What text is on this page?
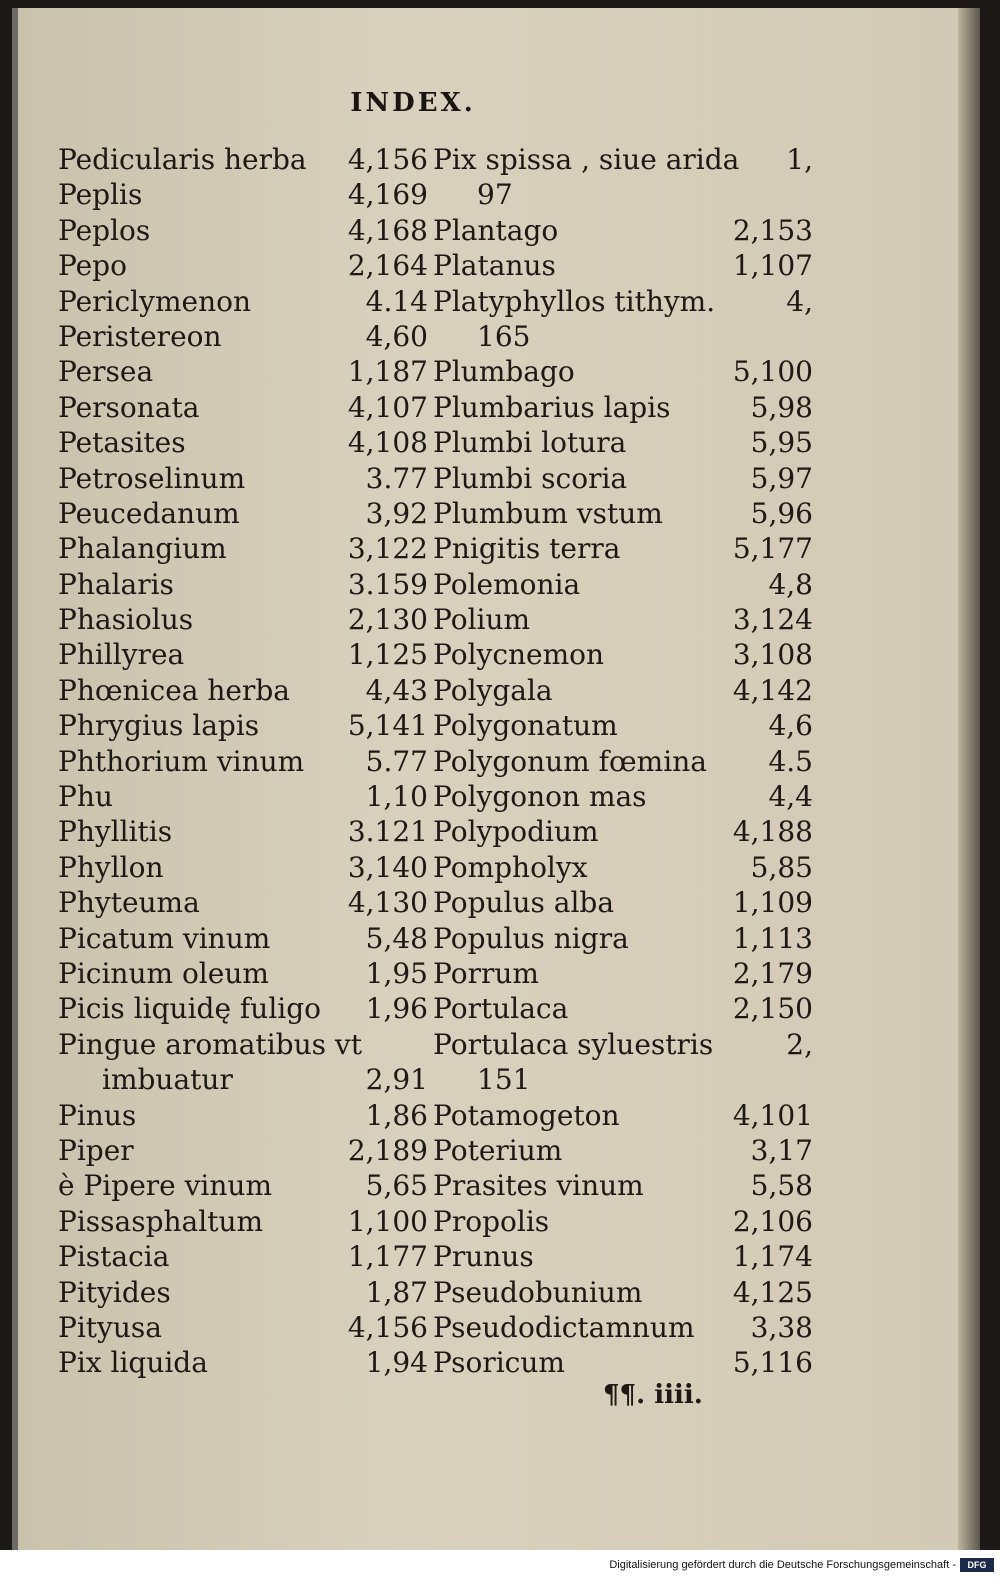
INDEX.
Pedicularis herba 4,156
Peplis	4,169
Peplos	4,168
Pepo	2,164
Periclymenon	4.14
Peristereon	4,60
Persea	1,187
Personata	4,107
Petasites	4,108
Petroselinum	3.77
Peucedanum	3,92
Phalangium	3,122
Phalaris	3.159
Phasiolus	2,130
Phillyrea	1,125
Phœnicea herba	4,43
Phrygius lapis	5,141
Phthorium vinum 5.77
Phu	1,10
Phyllitis	3.121
Phyllon	3,140
Phyteuma	4,130
Picatum vinum	5,48
Picinum oleum	1,95
Picis liquidę fuligo 1,96
Pingue aromatibus vt
imbuatur	2,91
Pinus	1,86
Piper	2,189
è Pipere vinum	5,65
Pissasphaltum	1,100
Pistacia	1,177
Pityides	1,87
Pityusa	4,156
Pix liquida	1,94
Pix spissa , siue arida 1,
97
Plantago	2,153
Platanus	1,107
Platyphyllos tithym.	4,
165
Plumbago	5,100
Plumbarius lapis	5,98
Plumbi lotura	5,95
Plumbi scoria	5,97
Plumbum vstum	5,96
Pnigitis terra	5,177
Polemonia	4,8
Polium	3,124
Polycnemon	3,108
Polygala	4,142
Polygonatum	4,6
Polygonum fœmina 4.5
Polygonon mas	4,4
Polypodium	4,188
Pompholyx	5,85
Populus alba	1,109
Populus nigra	1,113
Porrum	2,179
Portulaca	2,150
Portulaca syluestris	2,
151
Potamogeton	4,101
Poterium	3,17
Prasites vinum	5,58
Propolis	2,106
Prunus	1,174
Pseudobunium	4,125
Pseudodictamnum 3,38
Psoricum	5,116
¶¶. iiii.
Digitalisierung gefördert durch die Deutsche Forschungsgemeinschaft -	DFG
